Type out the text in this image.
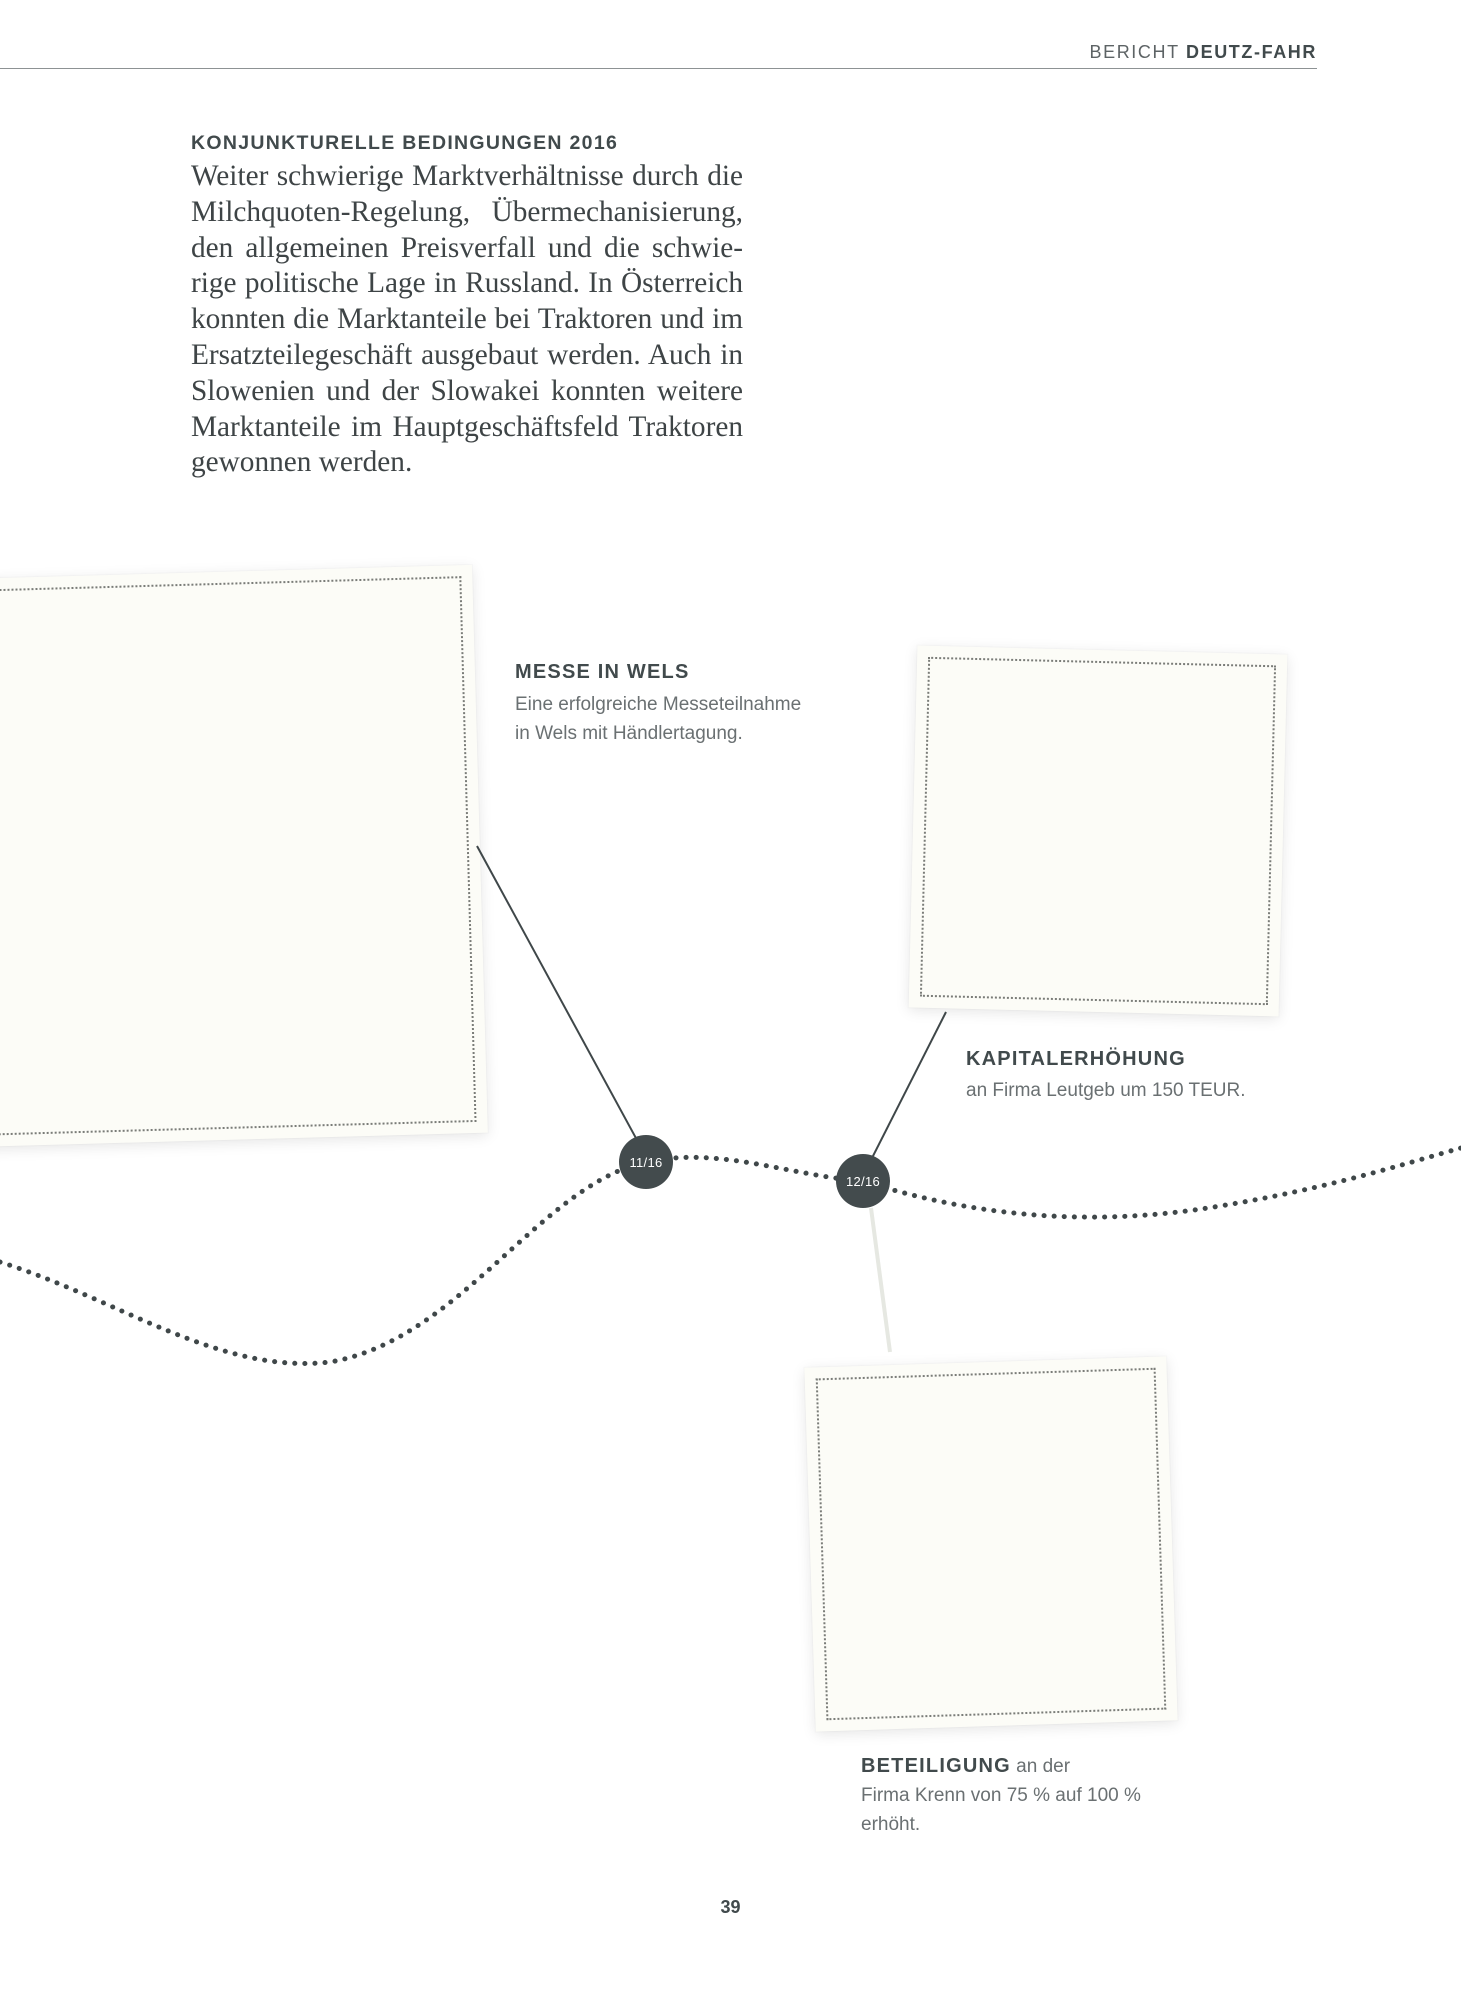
BERICHT DEUTZ-FAHR
KONJUNKTURELLE BEDINGUNGEN 2016

Weiter schwierige Marktverhältnisse durch die Milchquoten-Regelung, Übermechanisierung, den allgemeinen Preisverfall und die schwierige politische Lage in Russland. In Österreich konnten die Marktanteile bei Traktoren und im Ersatzteilegeschäft ausgebaut werden. Auch in Slowenien und der Slowakei konnten weitere Marktanteile im Hauptgeschäftsfeld Traktoren gewonnen werden.

11/16
12/16
MESSE IN WELS
Eine erfolgreiche Messeteilnahme in Wels mit Händlertagung.
KAPITALERHÖHUNG
an Firma Leutgeb um 150 TEUR.
BETEILIGUNG an der
Firma Krenn von 75 % auf 100 % erhöht.
39
